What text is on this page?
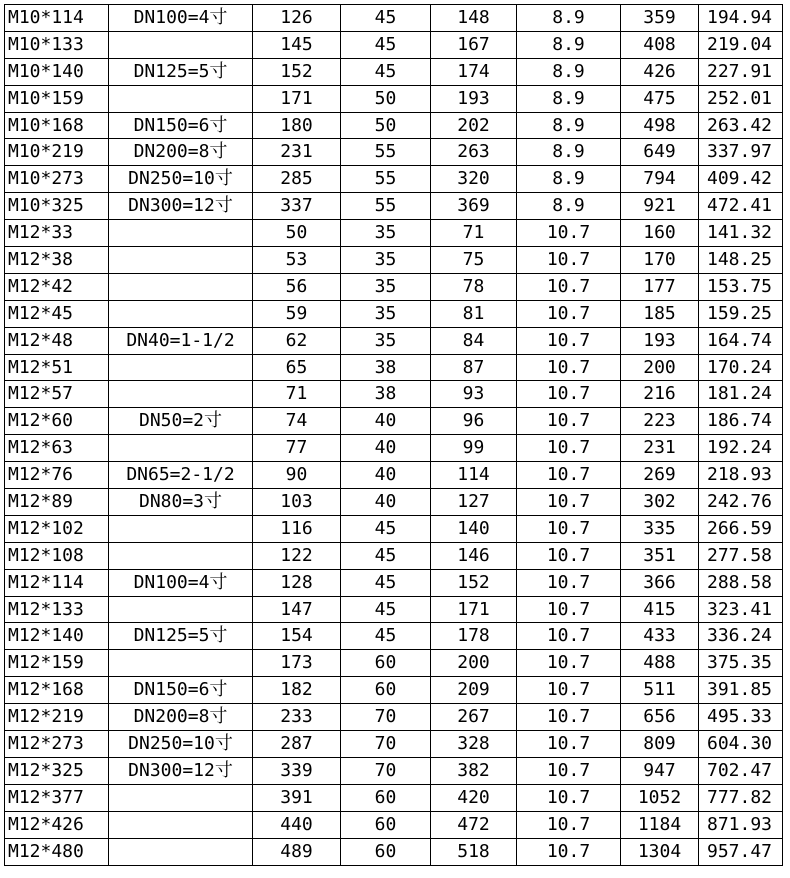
M10*114	DN100=4寸	126	45	148	8.9	359	194.94
M10*133		145	45	167	8.9	408	219.04
M10*140	DN125=5寸	152	45	174	8.9	426	227.91
M10*159		171	50	193	8.9	475	252.01
M10*168	DN150=6寸	180	50	202	8.9	498	263.42
M10*219	DN200=8寸	231	55	263	8.9	649	337.97
M10*273	DN250=10寸	285	55	320	8.9	794	409.42
M10*325	DN300=12寸	337	55	369	8.9	921	472.41
M12*33		50	35	71	10.7	160	141.32
M12*38		53	35	75	10.7	170	148.25
M12*42		56	35	78	10.7	177	153.75
M12*45		59	35	81	10.7	185	159.25
M12*48	DN40=1-1/2	62	35	84	10.7	193	164.74
M12*51		65	38	87	10.7	200	170.24
M12*57		71	38	93	10.7	216	181.24
M12*60	DN50=2寸	74	40	96	10.7	223	186.74
M12*63		77	40	99	10.7	231	192.24
M12*76	DN65=2-1/2	90	40	114	10.7	269	218.93
M12*89	DN80=3寸	103	40	127	10.7	302	242.76
M12*102		116	45	140	10.7	335	266.59
M12*108		122	45	146	10.7	351	277.58
M12*114	DN100=4寸	128	45	152	10.7	366	288.58
M12*133		147	45	171	10.7	415	323.41
M12*140	DN125=5寸	154	45	178	10.7	433	336.24
M12*159		173	60	200	10.7	488	375.35
M12*168	DN150=6寸	182	60	209	10.7	511	391.85
M12*219	DN200=8寸	233	70	267	10.7	656	495.33
M12*273	DN250=10寸	287	70	328	10.7	809	604.30
M12*325	DN300=12寸	339	70	382	10.7	947	702.47
M12*377		391	60	420	10.7	1052	777.82
M12*426		440	60	472	10.7	1184	871.93
M12*480		489	60	518	10.7	1304	957.47
